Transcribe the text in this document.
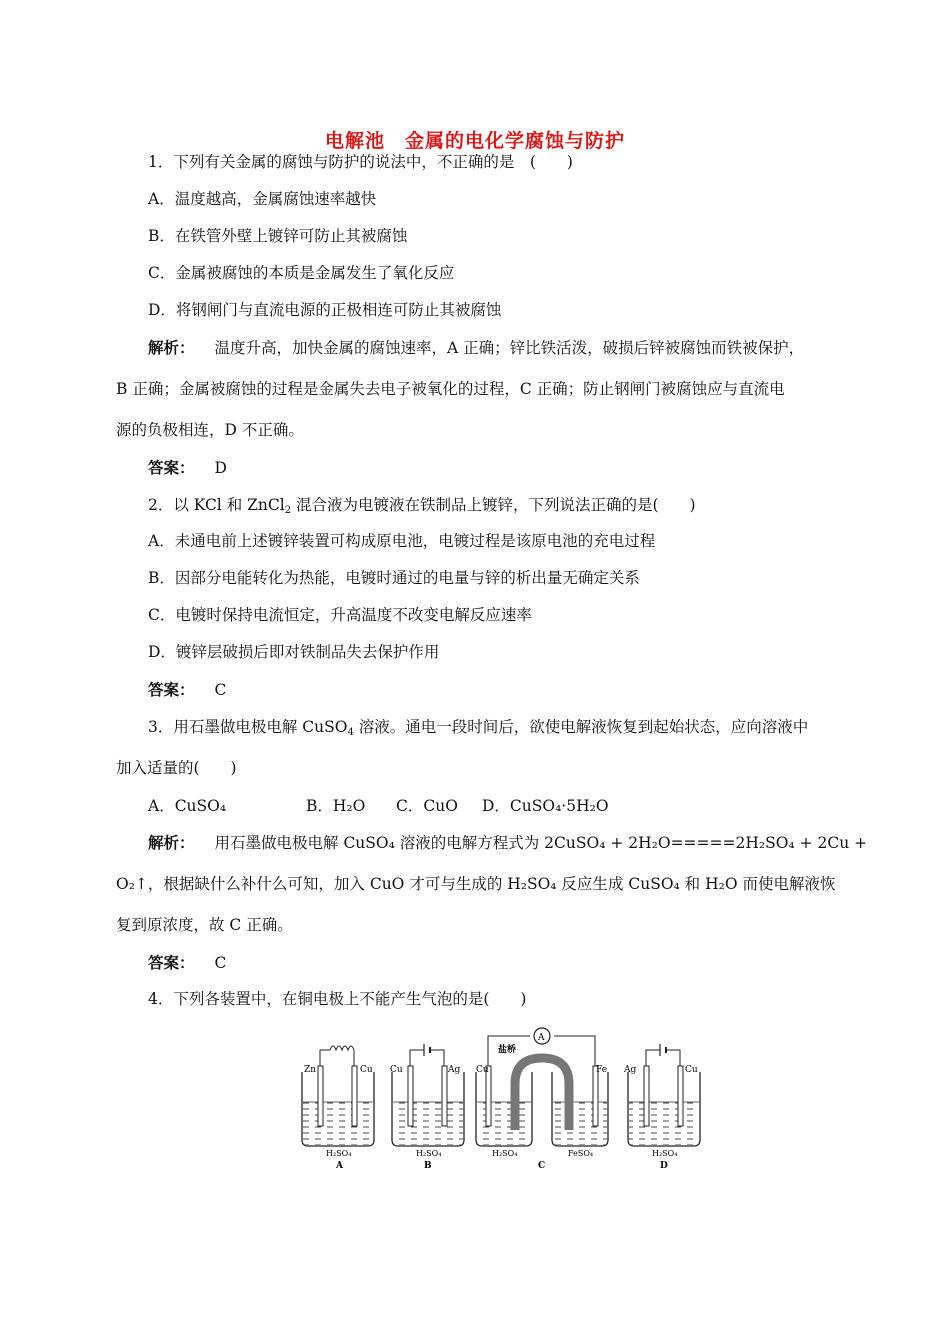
电解池　金属的电化学腐蚀与防护
1．下列有关金属的腐蚀与防护的说法中，不正确的是　(　　)
A．温度越高，金属腐蚀速率越快
B．在铁管外壁上镀锌可防止其被腐蚀
C．金属被腐蚀的本质是金属发生了氧化反应
D．将钢闸门与直流电源的正极相连可防止其被腐蚀
解析： 温度升高，加快金属的腐蚀速率，A 正确；锌比铁活泼，破损后锌被腐蚀而铁被保护，
B 正确；金属被腐蚀的过程是金属失去电子被氧化的过程，C 正确；防止钢闸门被腐蚀应与直流电
源的负极相连，D 不正确。
答案： D
2．以 KCl 和 ZnCl$_2$ 混合液为电镀液在铁制品上镀锌，下列说法正确的是(　　)
A．未通电前上述镀锌装置可构成原电池，电镀过程是该原电池的充电过程
B．因部分电能转化为热能，电镀时通过的电量与锌的析出量无确定关系
C．电镀时保持电流恒定，升高温度不改变电解反应速率
D．镀锌层破损后即对铁制品失去保护作用
答案： C
3．用石墨做电极电解 CuSO$_4$ 溶液。通电一段时间后，欲使电解液恢复到起始状态，应向溶液中
加入适量的(　　)
A．CuSO₄	B．H₂O C．CuO D．CuSO₄·5H₂O
解析： 用石墨做电极电解 CuSO₄ 溶液的电解方程式为 2CuSO₄ + 2H₂O=====2H₂SO₄ + 2Cu +
O₂↑，根据缺什么补什么可知，加入 CuO 才可与生成的 H₂SO₄ 反应生成 CuSO₄ 和 H₂O 而使电解液恢
复到原浓度，故 C 正确。
答案： C
4．下列各装置中，在铜电极上不能产生气泡的是(　　)
Zn	Cu
H₂SO₄
A
Cu	Ag
H₂SO₄
B
A
盐桥
Cu	Fe
H₂SO₄	FeSO₄
C
Ag	Cu
H₂SO₄
D
